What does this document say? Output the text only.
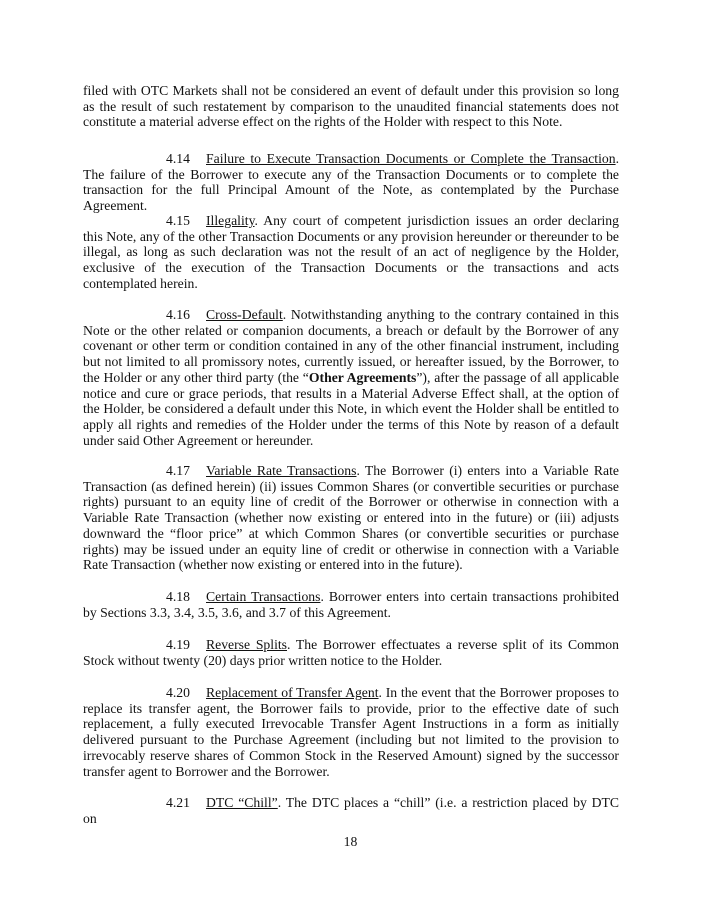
filed with OTC Markets shall not be considered an event of default under this provision so long as the result of such restatement by comparison to the unaudited financial statements does not constitute a material adverse effect on the rights of the Holder with respect to this Note.

4.14 Failure to Execute Transaction Documents or Complete the Transaction. The failure of the Borrower to execute any of the Transaction Documents or to complete the transaction for the full Principal Amount of the Note, as contemplated by the Purchase Agreement.

4.15 Illegality. Any court of competent jurisdiction issues an order declaring this Note, any of the other Transaction Documents or any provision hereunder or thereunder to be illegal, as long as such declaration was not the result of an act of negligence by the Holder, exclusive of the execution of the Transaction Documents or the transactions and acts contemplated herein.

4.16 Cross-Default. Notwithstanding anything to the contrary contained in this Note or the other related or companion documents, a breach or default by the Borrower of any covenant or other term or condition contained in any of the other financial instrument, including but not limited to all promissory notes, currently issued, or hereafter issued, by the Borrower, to the Holder or any other third party (the “Other Agreements”), after the passage of all applicable notice and cure or grace periods, that results in a Material Adverse Effect shall, at the option of the Holder, be considered a default under this Note, in which event the Holder shall be entitled to apply all rights and remedies of the Holder under the terms of this Note by reason of a default under said Other Agreement or hereunder.

4.17 Variable Rate Transactions. The Borrower (i) enters into a Variable Rate Transaction (as defined herein) (ii) issues Common Shares (or convertible securities or purchase rights) pursuant to an equity line of credit of the Borrower or otherwise in connection with a Variable Rate Transaction (whether now existing or entered into in the future) or (iii) adjusts downward the “floor price” at which Common Shares (or convertible securities or purchase rights) may be issued under an equity line of credit or otherwise in connection with a Variable Rate Transaction (whether now existing or entered into in the future).

4.18 Certain Transactions. Borrower enters into certain transactions prohibited by Sections 3.3, 3.4, 3.5, 3.6, and 3.7 of this Agreement.

4.19 Reverse Splits. The Borrower effectuates a reverse split of its Common Stock without twenty (20) days prior written notice to the Holder.

4.20 Replacement of Transfer Agent. In the event that the Borrower proposes to replace its transfer agent, the Borrower fails to provide, prior to the effective date of such replacement, a fully executed Irrevocable Transfer Agent Instructions in a form as initially delivered pursuant to the Purchase Agreement (including but not limited to the provision to irrevocably reserve shares of Common Stock in the Reserved Amount) signed by the successor transfer agent to Borrower and the Borrower.

4.21 DTC “Chill”. The DTC places a “chill” (i.e. a restriction placed by DTC on

18
